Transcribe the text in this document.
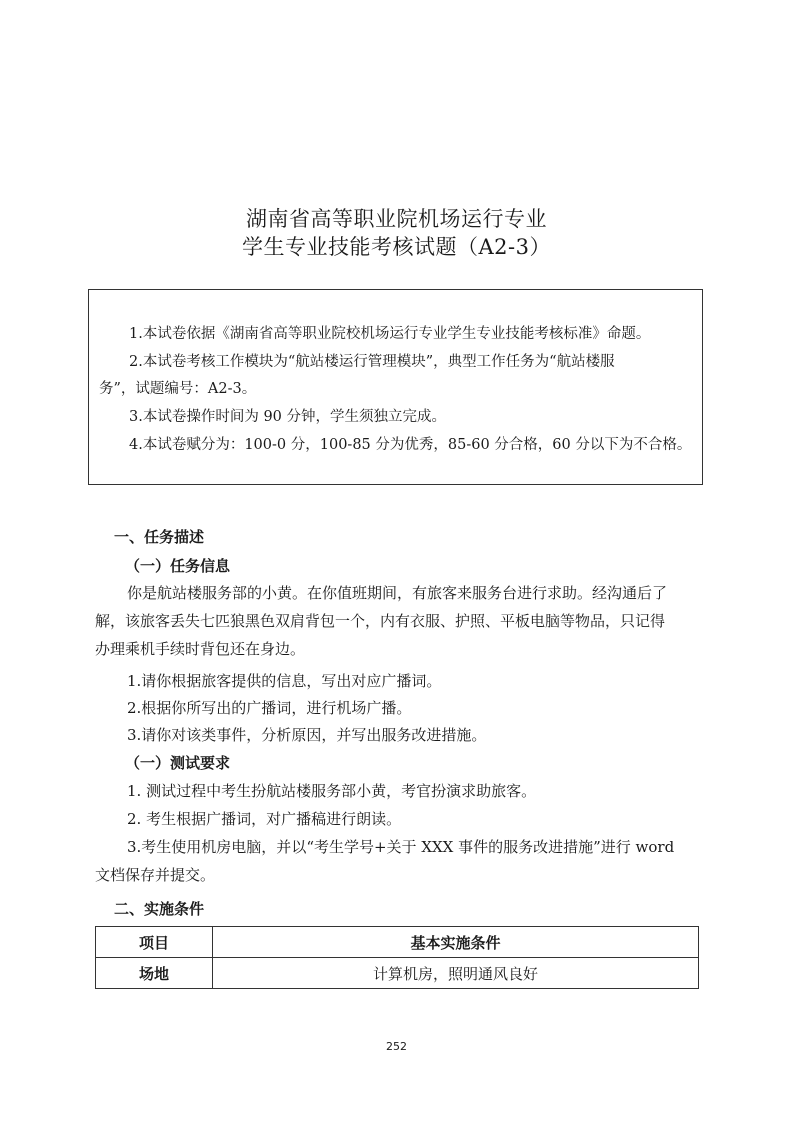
湖南省高等职业院机场运行专业
学生专业技能考核试题（A2-3）

1.本试卷依据《湖南省高等职业院校机场运行专业学生专业技能考核标准》命题。

2.本试卷考核工作模块为“航站楼运行管理模块”，典型工作任务为“航站楼服

务”，试题编号：A2-3。

3.本试卷操作时间为 90 分钟，学生须独立完成。

4.本试卷赋分为：100-0 分，100-85 分为优秀，85-60 分合格，60 分以下为不合格。

一、任务描述
（一）任务信息
你是航站楼服务部的小黄。在你值班期间，有旅客来服务台进行求助。经沟通后了
解，该旅客丢失七匹狼黑色双肩背包一个，内有衣服、护照、平板电脑等物品，只记得
办理乘机手续时背包还在身边。
1.请你根据旅客提供的信息，写出对应广播词。
2.根据你所写出的广播词，进行机场广播。
3.请你对该类事件，分析原因，并写出服务改进措施。
（一）测试要求
1. 测试过程中考生扮航站楼服务部小黄，考官扮演求助旅客。
2. 考生根据广播词，对广播稿进行朗读。
3.考生使用机房电脑，并以“考生学号+关于 XXX 事件的服务改进措施”进行 word
文档保存并提交。
二、实施条件
项目	基本实施条件
场地	计算机房，照明通风良好
252
